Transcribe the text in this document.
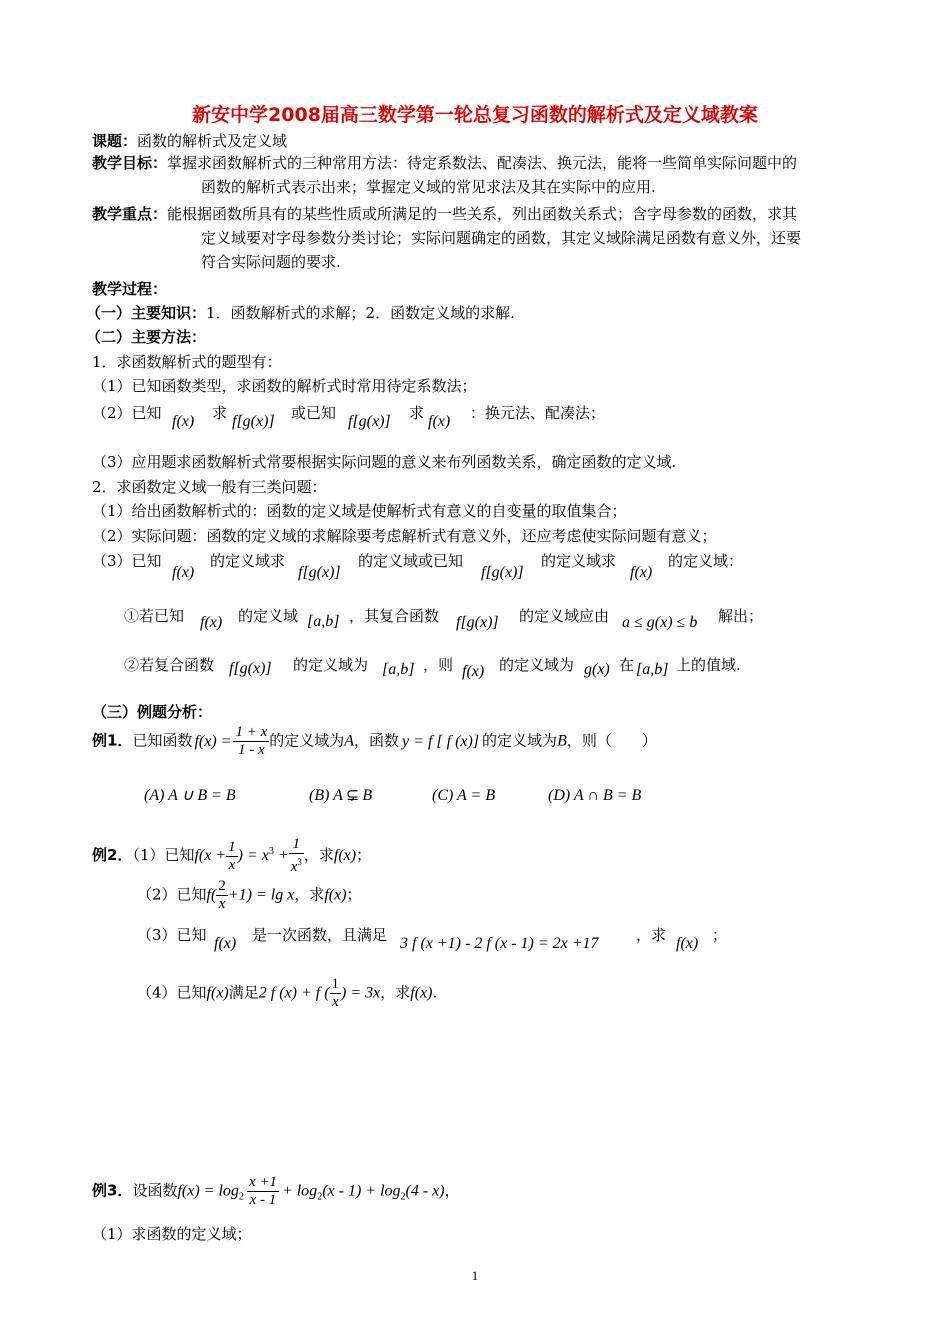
新安中学2008届高三数学第一轮总复习函数的解析式及定义域教案
课题：函数的解析式及定义域
教学目标：掌握求函数解析式的三种常用方法：待定系数法、配凑法、换元法，能将一些简单实际问题中的
函数的解析式表示出来；掌握定义域的常见求法及其在实际中的应用.
教学重点：能根据函数所具有的某些性质或所满足的一些关系，列出函数关系式；含字母参数的函数，求其
定义域要对字母参数分类讨论；实际问题确定的函数，其定义域除满足函数有意义外，还要
符合实际问题的要求.
教学过程：
（一）主要知识：1．函数解析式的求解；2．函数定义域的求解.
（二）主要方法：
1．求函数解析式的题型有：
（1）已知函数类型，求函数的解析式时常用待定系数法；
（2）已知 f(x) 求 f[g(x)] 或已知 f[g(x)] 求 f(x) ：换元法、配凑法；
（3）应用题求函数解析式常要根据实际问题的意义来布列函数关系，确定函数的定义域.
2．求函数定义域一般有三类问题：
（1）给出函数解析式的：函数的定义域是使解析式有意义的自变量的取值集合；
（2）实际问题：函数的定义域的求解除要考虑解析式有意义外，还应考虑使实际问题有意义；
（3）已知
f(x)
的定义域求
f[g(x)]
的定义域或已知
f[g(x)]
的定义域求
f(x)
的定义域：
①若已知 f(x) 的定义域 [a,b] ，其复合函数 f[g(x)] 的定义域应由 a ≤ g(x) ≤ b 解出；
②若复合函数 f[g(x)] 的定义域为 [a,b] ，则 f(x) 的定义域为 g(x) 在 [a,b] 上的值域.
（三）例题分析：
例1．已知函数 $f(x) = \frac{1 + x}{1 - x}$ 的定义域为A，函数 y = f [ f (x)] 的定义域为B，则（　　）
(A) A ∪ B = B	(B) A ⊊ B	(C) A = B	(D) A ∩ B = B
例2．（1）已知$f(x + \frac{1}{x}$ ) = $x^3 + \frac{1}{x^3}$ ，求f(x)；
（2）已知$f( \frac{2}{x} +1) = \lg x$，求f(x)；
（3）已知 f(x) 是一次函数，且满足 3 f (x +1) - 2 f (x - 1) = 2x +17 ，求 f(x) ；
（4）已知f(x)满足2 f (x) + f ( $\frac{1}{x}$ ) = 3x，求f(x).
例3．设函数$f(x) = \log_2 \frac{x +1}{x - 1} + \log_2(x - 1) + \log_2(4 - x)$，
（1）求函数的定义域；
1
